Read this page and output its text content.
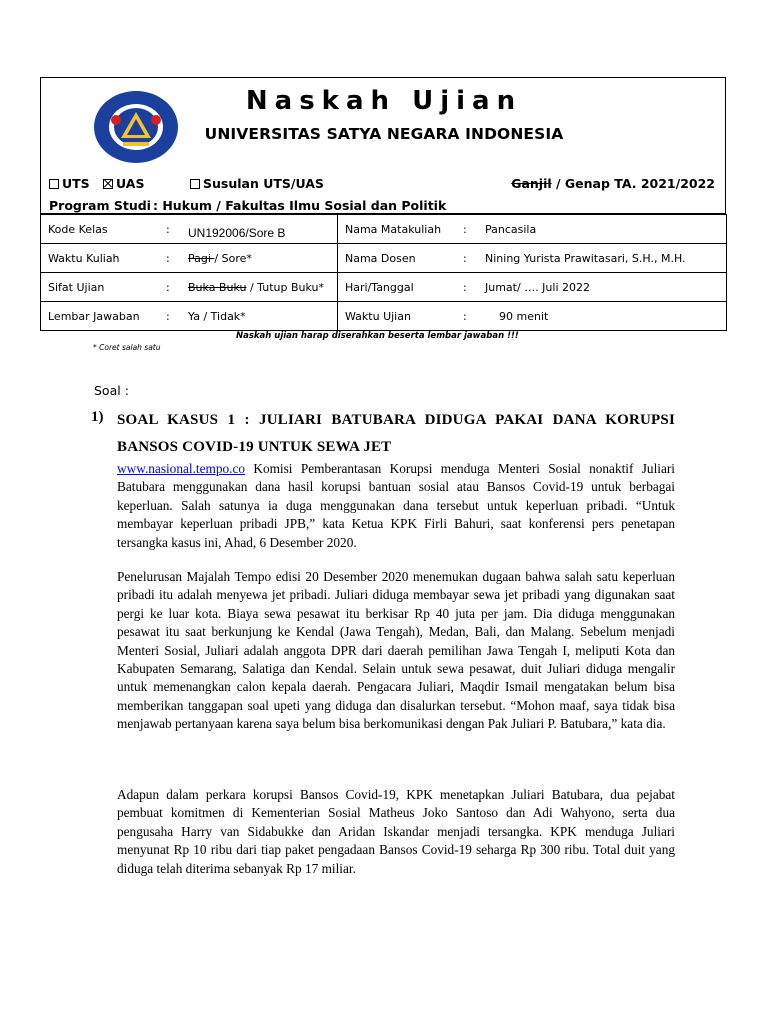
Naskah Ujian
UNIVERSITAS SATYA NEGARA INDONESIA
UTS	UAS	Susulan UTS/UAS	Ganjil / Genap TA. 2021/2022
Program Studi : Hukum / Fakultas Ilmu Sosial dan Politik
Kode Kelas : UN192006/Sore B	Nama Matakuliah : Pancasila
Waktu Kuliah : Pagi / Sore*	Nama Dosen : Nining Yurista Prawitasari, S.H., M.H.
Sifat Ujian : Buka Buku / Tutup Buku*	Hari/Tanggal : Jumat/ …. Juli 2022
Lembar Jawaban : Ya / Tidak*	Waktu Ujian : 90 menit
Naskah ujian harap diserahkan beserta lembar jawaban !!!
* Coret salah satu
Soal :
1) SOAL KASUS 1 : JULIARI BATUBARA DIDUGA PAKAI DANA KORUPSI BANSOS COVID-19 UNTUK SEWA JET
www.nasional.tempo.co Komisi Pemberantasan Korupsi menduga Menteri Sosial nonaktif Juliari Batubara menggunakan dana hasil korupsi bantuan sosial atau Bansos Covid-19 untuk berbagai keperluan. Salah satunya ia duga menggunakan dana tersebut untuk keperluan pribadi. “Untuk membayar keperluan pribadi JPB,” kata Ketua KPK Firli Bahuri, saat konferensi pers penetapan tersangka kasus ini, Ahad, 6 Desember 2020.
Penelurusan Majalah Tempo edisi 20 Desember 2020 menemukan dugaan bahwa salah satu keperluan pribadi itu adalah menyewa jet pribadi. Juliari diduga membayar sewa jet pribadi yang digunakan saat pergi ke luar kota. Biaya sewa pesawat itu berkisar Rp 40 juta per jam. Dia diduga menggunakan pesawat itu saat berkunjung ke Kendal (Jawa Tengah), Medan, Bali, dan Malang. Sebelum menjadi Menteri Sosial, Juliari adalah anggota DPR dari daerah pemilihan Jawa Tengah I, meliputi Kota dan Kabupaten Semarang, Salatiga dan Kendal. Selain untuk sewa pesawat, duit Juliari diduga mengalir untuk memenangkan calon kepala daerah. Pengacara Juliari, Maqdir Ismail mengatakan belum bisa memberikan tanggapan soal upeti yang diduga dan disalurkan tersebut. “Mohon maaf, saya tidak bisa menjawab pertanyaan karena saya belum bisa berkomunikasi dengan Pak Juliari P. Batubara,” kata dia.
Adapun dalam perkara korupsi Bansos Covid-19, KPK menetapkan Juliari Batubara, dua pejabat pembuat komitmen di Kementerian Sosial Matheus Joko Santoso dan Adi Wahyono, serta dua pengusaha Harry van Sidabukke dan Aridan Iskandar menjadi tersangka. KPK menduga Juliari menyunat Rp 10 ribu dari tiap paket pengadaan Bansos Covid-19 seharga Rp 300 ribu. Total duit yang diduga telah diterima sebanyak Rp 17 miliar.
